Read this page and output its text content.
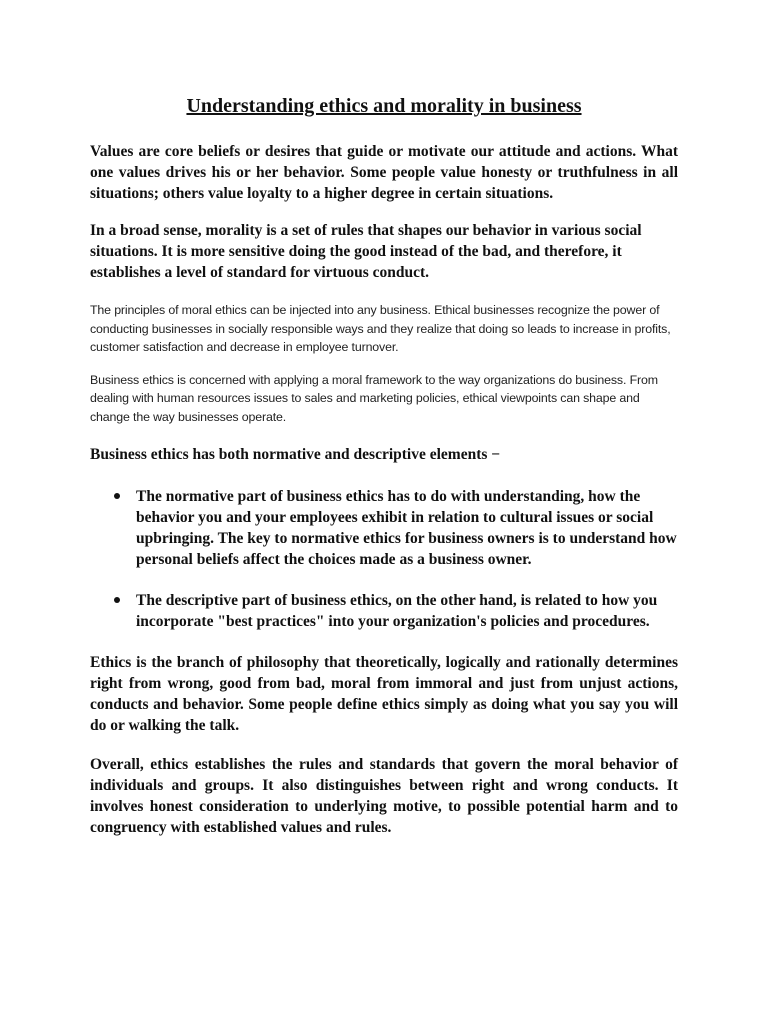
Understanding ethics and morality in business

Values are core beliefs or desires that guide or motivate our attitude and actions. What one values drives his or her behavior. Some people value honesty or truthfulness in all situations; others value loyalty to a higher degree in certain situations.

In a broad sense, morality is a set of rules that shapes our behavior in various social situations. It is more sensitive doing the good instead of the bad, and therefore, it establishes a level of standard for virtuous conduct.

The principles of moral ethics can be injected into any business. Ethical businesses recognize the power of conducting businesses in socially responsible ways and they realize that doing so leads to increase in profits, customer satisfaction and decrease in employee turnover.

Business ethics is concerned with applying a moral framework to the way organizations do business. From dealing with human resources issues to sales and marketing policies, ethical viewpoints can shape and change the way businesses operate.

Business ethics has both normative and descriptive elements −

The normative part of business ethics has to do with understanding, how the behavior you and your employees exhibit in relation to cultural issues or social upbringing. The key to normative ethics for business owners is to understand how personal beliefs affect the choices made as a business owner.
The descriptive part of business ethics, on the other hand, is related to how you incorporate "best practices" into your organization's policies and procedures.

Ethics is the branch of philosophy that theoretically, logically and rationally determines right from wrong, good from bad, moral from immoral and just from unjust actions, conducts and behavior. Some people define ethics simply as doing what you say you will do or walking the talk.

Overall, ethics establishes the rules and standards that govern the moral behavior of individuals and groups. It also distinguishes between right and wrong conducts. It involves honest consideration to underlying motive, to possible potential harm and to congruency with established values and rules.
